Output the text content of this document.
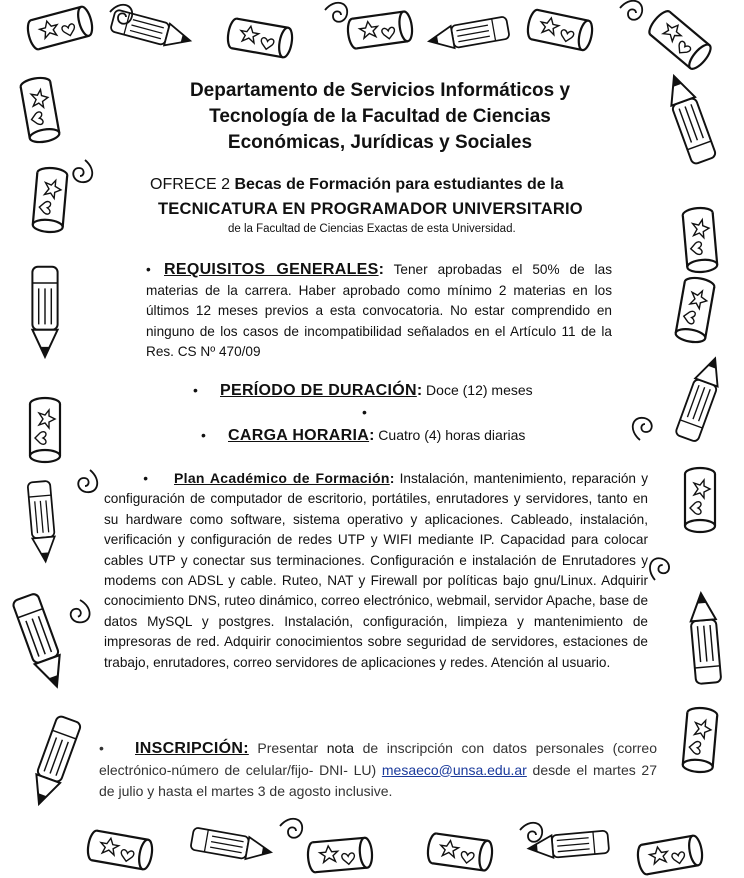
Departamento de Servicios Informáticos y
Tecnología de la Facultad de Ciencias
Económicas, Jurídicas y Sociales
OFRECE 2 Becas de Formación para estudiantes de la
TECNICATURA EN PROGRAMADOR UNIVERSITARIO
de la Facultad de Ciencias Exactas de esta Universidad.
• REQUISITOS GENERALES: Tener aprobadas el 50% de las materias de la carrera. Haber aprobado como mínimo 2 materias en los últimos 12 meses previos a esta convocatoria. No estar comprendido en ninguno de los casos de incompatibilidad señalados en el Artículo 11 de la Res. CS Nº 470/09
• PERÍODO DE DURACIÓN: Doce (12) meses
•
• CARGA HORARIA: Cuatro (4) horas diarias
• Plan Académico de Formación: Instalación, mantenimiento, reparación y configuración de computador de escritorio, portátiles, enrutadores y servidores, tanto en su hardware como software, sistema operativo y aplicaciones. Cableado, instalación, verificación y configuración de redes UTP y WIFI mediante IP. Capacidad para colocar cables UTP y conectar sus terminaciones. Configuración e instalación de Enrutadores y modems con ADSL y cable. Ruteo, NAT y Firewall por políticas bajo gnu/Linux. Adquirir conocimiento DNS, ruteo dinámico, correo electrónico, webmail, servidor Apache, base de datos MySQL y postgres. Instalación, configuración, limpieza y mantenimiento de impresoras de red. Adquirir conocimientos sobre seguridad de servidores, estaciones de trabajo, enrutadores, correo servidores de aplicaciones y redes. Atención al usuario.
• INSCRIPCIÓN: Presentar nota de inscripción con datos personales (correo electrónico-número de celular/fijo- DNI- LU) mesaeco@unsa.edu.ar desde el martes 27 de julio y hasta el martes 3 de agosto inclusive.
